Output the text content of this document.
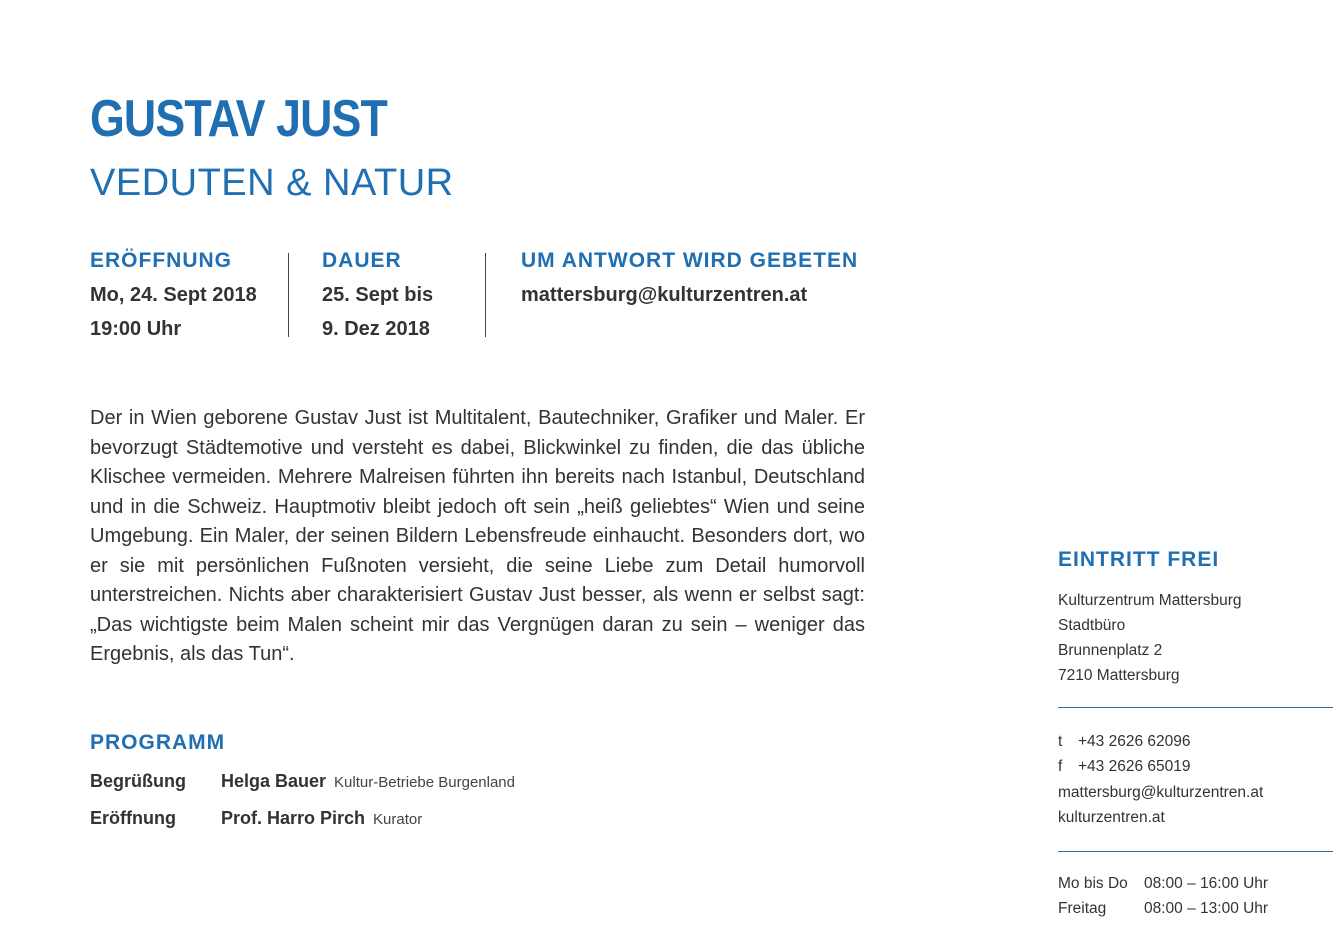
GUSTAV JUST
VEDUTEN & NATUR
ERÖFFNUNG
Mo, 24. Sept 2018
19:00 Uhr
DAUER
25. Sept bis
9. Dez 2018
UM ANTWORT WIRD GEBETEN
mattersburg@kulturzentren.at

Der in Wien geborene Gustav Just ist Multitalent, Bautechniker, Grafiker und Maler. Er bevorzugt Städtemotive und versteht es dabei, Blickwinkel zu finden, die das übliche Klischee vermeiden. Mehrere Malreisen führten ihn bereits nach Istanbul, Deutschland und in die Schweiz. Hauptmotiv bleibt jedoch oft sein „heiß geliebtes“ Wien und seine Umgebung. Ein Maler, der seinen Bildern Lebensfreude einhaucht. Besonders dort, wo er sie mit persönlichen Fußnoten versieht, die seine Liebe zum Detail humorvoll unterstreichen. Nichts aber charakterisiert Gustav Just besser, als wenn er selbst sagt: „Das wichtigste beim Malen scheint mir das Vergnügen daran zu sein – weniger das Ergebnis, als das Tun“.

PROGRAMM
Begrüßung Helga Bauer Kultur-Betriebe Burgenland
Eröffnung	Prof. Harro Pirch Kurator
EINTRITT FREI
Kulturzentrum Mattersburg
Stadtbüro
Brunnenplatz 2
7210 Mattersburg
t +43 2626 62096
f +43 2626 65019
mattersburg@kulturzentren.at
kulturzentren.at
Mo bis Do 08:00 – 16:00 Uhr
Freitag 08:00 – 13:00 Uhr
